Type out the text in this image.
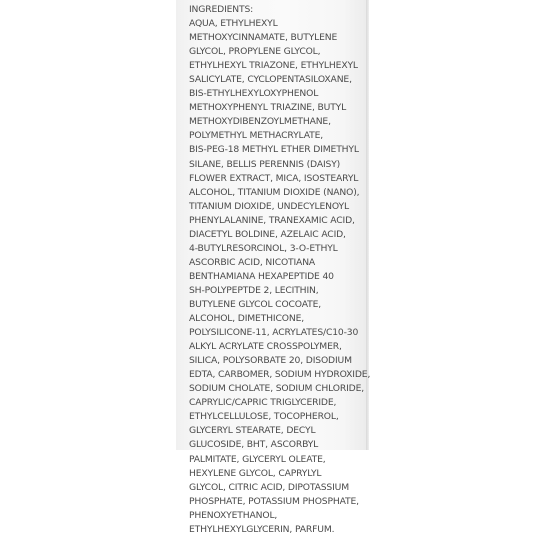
INGREDIENTS:
AQUA, ETHYLHEXYL
METHOXYCINNAMATE, BUTYLENE
GLYCOL, PROPYLENE GLYCOL,
ETHYLHEXYL TRIAZONE, ETHYLHEXYL
SALICYLATE, CYCLOPENTASILOXANE,
BIS-ETHYLHEXYLOXYPHENOL
METHOXYPHENYL TRIAZINE, BUTYL
METHOXYDIBENZOYLMETHANE,
POLYMETHYL METHACRYLATE,
BIS-PEG-18 METHYL ETHER DIMETHYL
SILANE, BELLIS PERENNIS (DAISY)
FLOWER EXTRACT, MICA, ISOSTEARYL
ALCOHOL, TITANIUM DIOXIDE (NANO),
TITANIUM DIOXIDE, UNDECYLENOYL
PHENYLALANINE, TRANEXAMIC ACID,
DIACETYL BOLDINE, AZELAIC ACID,
4-BUTYLRESORCINOL, 3-O-ETHYL
ASCORBIC ACID, NICOTIANA
BENTHAMIANA HEXAPEPTIDE 40
SH-POLYPEPTDE 2, LECITHIN,
BUTYLENE GLYCOL COCOATE,
ALCOHOL, DIMETHICONE,
POLYSILICONE-11, ACRYLATES/C10-30
ALKYL ACRYLATE CROSSPOLYMER,
SILICA, POLYSORBATE 20, DISODIUM
EDTA, CARBOMER, SODIUM HYDROXIDE,
SODIUM CHOLATE, SODIUM CHLORIDE,
CAPRYLIC/CAPRIC TRIGLYCERIDE,
ETHYLCELLULOSE, TOCOPHEROL,
GLYCERYL STEARATE, DECYL
GLUCOSIDE, BHT, ASCORBYL
PALMITATE, GLYCERYL OLEATE,
HEXYLENE GLYCOL, CAPRYLYL
GLYCOL, CITRIC ACID, DIPOTASSIUM
PHOSPHATE, POTASSIUM PHOSPHATE,
PHENOXYETHANOL,
ETHYLHEXYLGLYCERIN, PARFUM.
